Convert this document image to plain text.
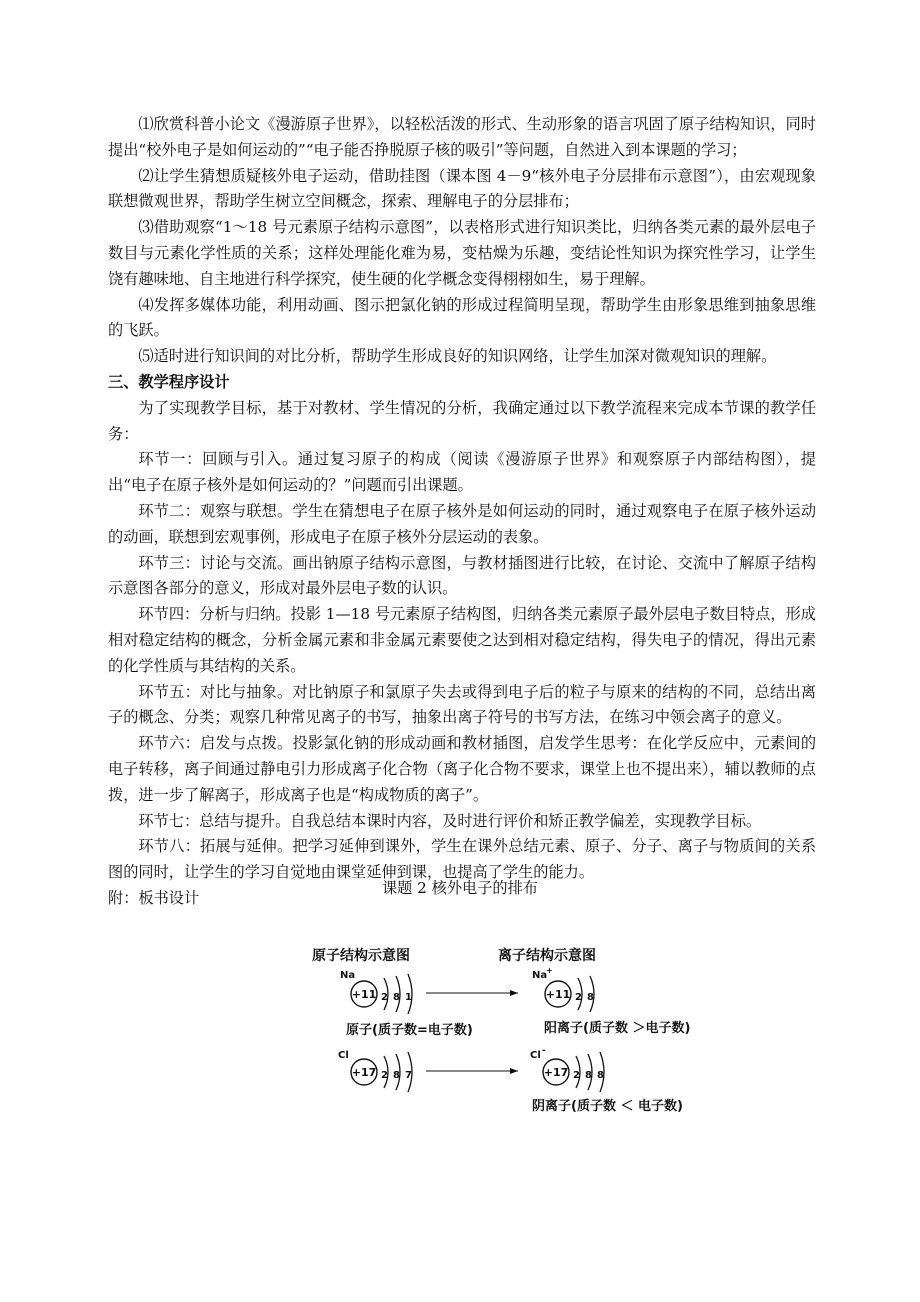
⑴欣赏科普小论文《漫游原子世界》，以轻松活泼的形式、生动形象的语言巩固了原子结构知识，同时提出“校外电子是如何运动的”“电子能否挣脱原子核的吸引”等问题，自然进入到本课题的学习；

⑵让学生猜想质疑核外电子运动，借助挂图（课本图 4－9“核外电子分层排布示意图”），由宏观现象联想微观世界，帮助学生树立空间概念，探索、理解电子的分层排布；

⑶借助观察“1～18 号元素原子结构示意图”，以表格形式进行知识类比，归纳各类元素的最外层电子数目与元素化学性质的关系；这样处理能化难为易，变枯燥为乐趣，变结论性知识为探究性学习，让学生饶有趣味地、自主地进行科学探究，使生硬的化学概念变得栩栩如生，易于理解。

⑷发挥多媒体功能，利用动画、图示把氯化钠的形成过程简明呈现，帮助学生由形象思维到抽象思维的飞跃。

⑸适时进行知识间的对比分析，帮助学生形成良好的知识网络，让学生加深对微观知识的理解。

三、教学程序设计

为了实现教学目标，基于对教材、学生情况的分析，我确定通过以下教学流程来完成本节课的教学任务：

环节一：回顾与引入。通过复习原子的构成（阅读《漫游原子世界》和观察原子内部结构图），提出“电子在原子核外是如何运动的？”问题而引出课题。

环节二：观察与联想。学生在猜想电子在原子核外是如何运动的同时，通过观察电子在原子核外运动的动画，联想到宏观事例，形成电子在原子核外分层运动的表象。

环节三：讨论与交流。画出钠原子结构示意图，与教材插图进行比较，在讨论、交流中了解原子结构示意图各部分的意义，形成对最外层电子数的认识。

环节四：分析与归纳。投影 1—18 号元素原子结构图，归纳各类元素原子最外层电子数目特点，形成相对稳定结构的概念，分析金属元素和非金属元素要使之达到相对稳定结构，得失电子的情况，得出元素的化学性质与其结构的关系。

环节五：对比与抽象。对比钠原子和氯原子失去或得到电子后的粒子与原来的结构的不同，总结出离子的概念、分类；观察几种常见离子的书写，抽象出离子符号的书写方法，在练习中领会离子的意义。

环节六：启发与点拨。投影氯化钠的形成动画和教材插图，启发学生思考：在化学反应中，元素间的电子转移，离子间通过静电引力形成离子化合物（离子化合物不要求，课堂上也不提出来），辅以教师的点拨，进一步了解离子，形成离子也是“构成物质的离子”。

环节七：总结与提升。自我总结本课时内容，及时进行评价和矫正教学偏差，实现教学目标。

环节八：拓展与延伸。把学习延伸到课外，学生在课外总结元素、原子、分子、离子与物质间的关系图的同时，让学生的学习自觉地由课堂延伸到课，也提高了学生的能力。

附：板书设计

课题 2 核外电子的排布
原子结构示意图	离子结构示意图
Na
+11 2 8 1
Na
+
+11 2 8
原子(质子数=电子数)	阳离子(质子数 ＞电子数)
Cl
+17 2 8 7
Cl -
+17 2 8 8
阴离子(质子数 ＜ 电子数)
